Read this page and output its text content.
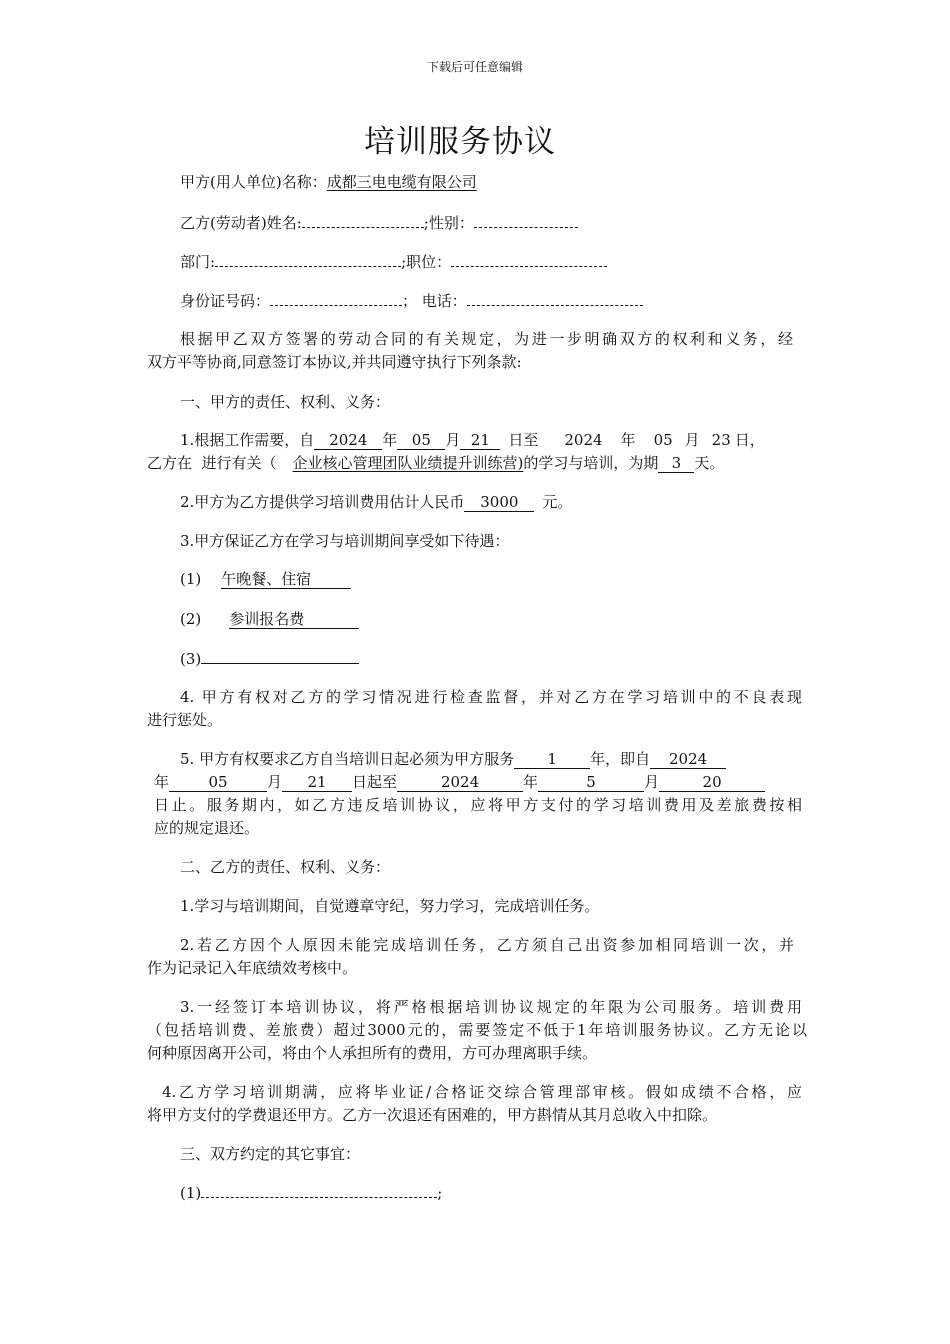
下载后可任意编辑
培训服务协议
甲方(用人单位)名称：成都三电电缆有限公司
乙方(劳动者)姓名:	;性别：
部门:	;职位：
身份证号码：	； 电话：
根据甲乙双方签署的劳动合同的有关规定，为进一步明确双方的权利和义务，经
双方平等协商,同意签订本协议,并共同遵守执行下列条款:
一、甲方的责任、权利、义务：
1.根据工作需要，自 2024 年 05 月 21 日至 2024 年 05 月 23 日，
乙方在  进行有关（ 企业核心管理团队业绩提升训练营)的学习与培训，为期 3 天。
2.甲方为乙方提供学习培训费用估计人民币 3000 元。
3.甲方保证乙方在学习与培训期间享受如下待遇：
(1) 午晚餐、住宿
(2) 参训报名费
(3)
4. 甲方有权对乙方的学习情况进行检查监督，并对乙方在学习培训中的不良表现
进行惩处。
5. 甲方有权要求乙方自当培训日起必须为甲方服务 1 年，即自 2024
年	05	月 21 日起至	2024	年	5	月	20
日止。服务期内，如乙方违反培训协议，应将甲方支付的学习培训费用及差旅费按相
应的规定退还。
二、乙方的责任、权利、义务：
1.学习与培训期间，自觉遵章守纪，努力学习，完成培训任务。
2.若乙方因个人原因未能完成培训任务，乙方须自己出资参加相同培训一次，并
作为记录记入年底绩效考核中。
3.一经签订本培训协议，将严格根据培训协议规定的年限为公司服务。培训费用
（包括培训费、差旅费）超过3000元的，需要签定不低于1年培训服务协议。乙方无论以
何种原因离开公司，将由个人承担所有的费用，方可办理离职手续。
4.乙方学习培训期满，应将毕业证/合格证交综合管理部审核。假如成绩不合格，应
将甲方支付的学费退还甲方。乙方一次退还有困难的，甲方斟情从其月总收入中扣除。
三、双方约定的其它事宜：
(1)	;
